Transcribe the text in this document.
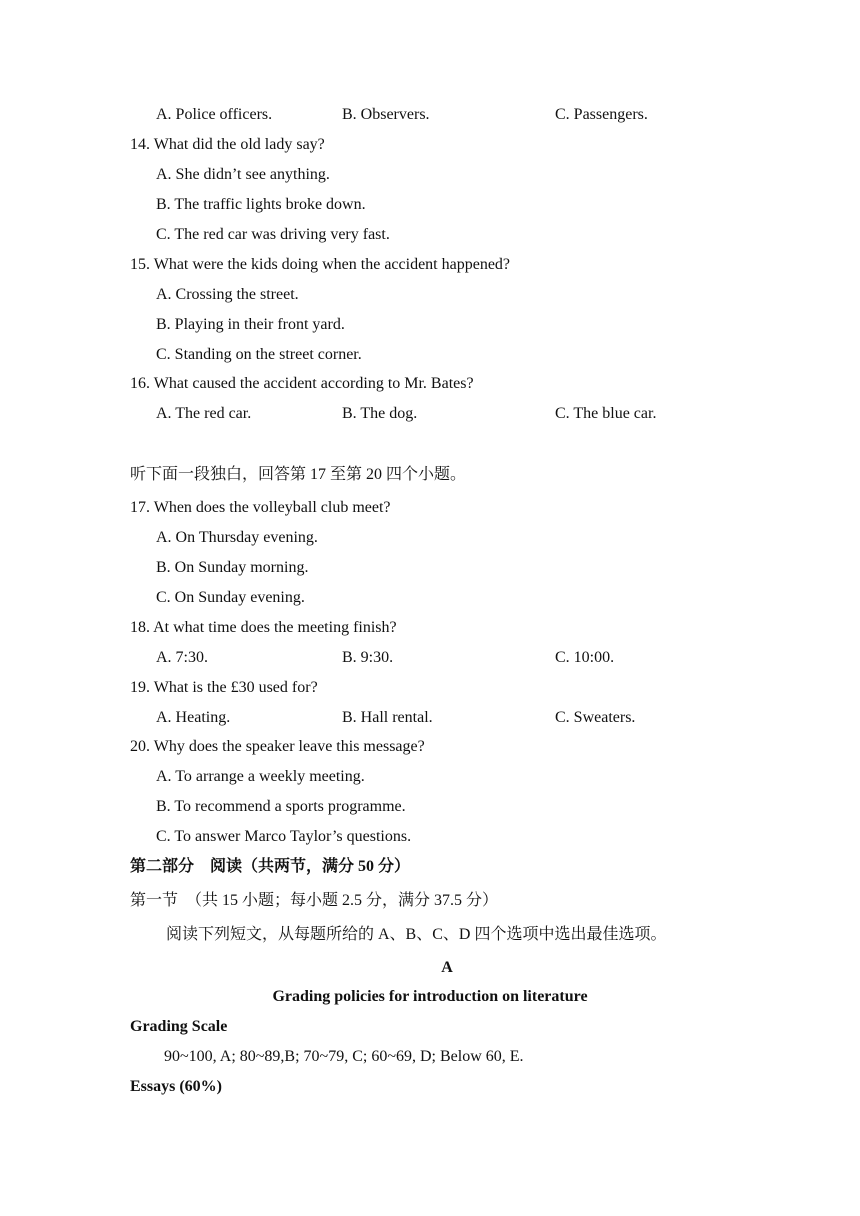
A. Police officers.	B. Observers.	C. Passengers.
14. What did the old lady say?
A. She didn’t see anything.
B. The traffic lights broke down.
C. The red car was driving very fast.
15. What were the kids doing when the accident happened?
A. Crossing the street.
B. Playing in their front yard.
C. Standing on the street corner.
16. What caused the accident according to Mr. Bates?
A. The red car.	B. The dog.	C. The blue car.
听下面一段独白，回答第 17 至第 20 四个小题。
17. When does the volleyball club meet?
A. On Thursday evening.
B. On Sunday morning.
C. On Sunday evening.
18. At what time does the meeting finish?
A. 7:30.	B. 9:30.	C. 10:00.
19. What is the £30 used for?
A. Heating.	B. Hall rental.	C. Sweaters.
20. Why does the speaker leave this message?
A. To arrange a weekly meeting.
B. To recommend a sports programme.
C. To answer Marco Taylor’s questions.
第二部分　阅读（共两节，满分 50 分）
第一节　（共 15 小题；每小题 2.5 分，满分 37.5 分）
阅读下列短文，从每题所给的 A、B、C、D 四个选项中选出最佳选项。
A
Grading policies for introduction on literature
Grading Scale
90~100, A; 80~89,B; 70~79, C; 60~69, D; Below 60, E.
Essays (60%)
